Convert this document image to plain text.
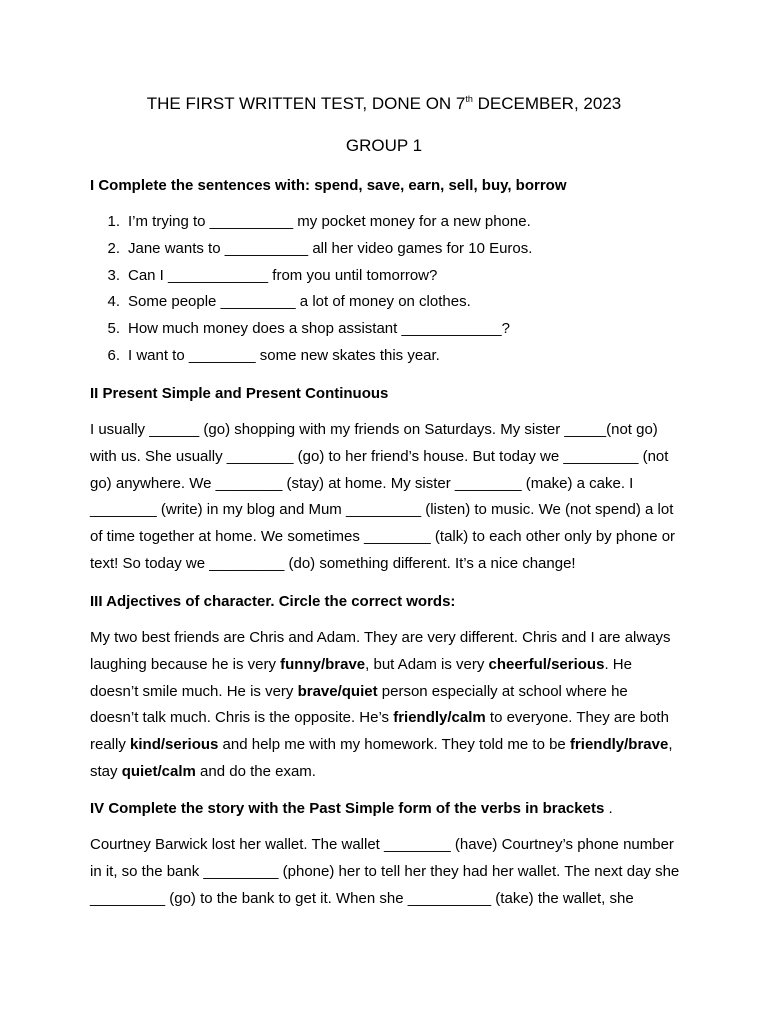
THE FIRST WRITTEN TEST, DONE ON 7th DECEMBER, 2023
GROUP 1
I Complete the sentences with: spend, save, earn, sell, buy, borrow
1. I’m trying to __________ my pocket money for a new phone.
2. Jane wants to __________ all her video games for 10 Euros.
3. Can I ____________ from you until tomorrow?
4. Some people _________ a lot of money on clothes.
5. How much money does a shop assistant ____________?
6. I want to ________ some new skates this year.
II Present Simple and Present Continuous
I usually ______ (go) shopping with my friends on Saturdays. My sister _____(not go) with us. She usually ________ (go) to her friend’s house. But today we _________ (not go) anywhere. We ________ (stay) at home. My sister ________ (make) a cake. I ________ (write) in my blog and Mum _________ (listen) to music. We (not spend) a lot of time together at home. We sometimes ________ (talk) to each other only by phone or text! So today we _________ (do) something different. It’s a nice change!
III Adjectives of character. Circle the correct words:
My two best friends are Chris and Adam. They are very different. Chris and I are always laughing because he is very funny/brave, but Adam is very cheerful/serious. He doesn’t smile much. He is very brave/quiet person especially at school where he doesn’t talk much. Chris is the opposite. He’s friendly/calm to everyone. They are both really kind/serious and help me with my homework. They told me to be friendly/brave, stay quiet/calm and do the exam.
IV Complete the story with the Past Simple form of the verbs in brackets .
Courtney Barwick lost her wallet. The wallet ________ (have) Courtney’s phone number in it, so the bank _________ (phone) her to tell her they had her wallet. The next day she _________ (go) to the bank to get it. When she __________ (take) the wallet, she
